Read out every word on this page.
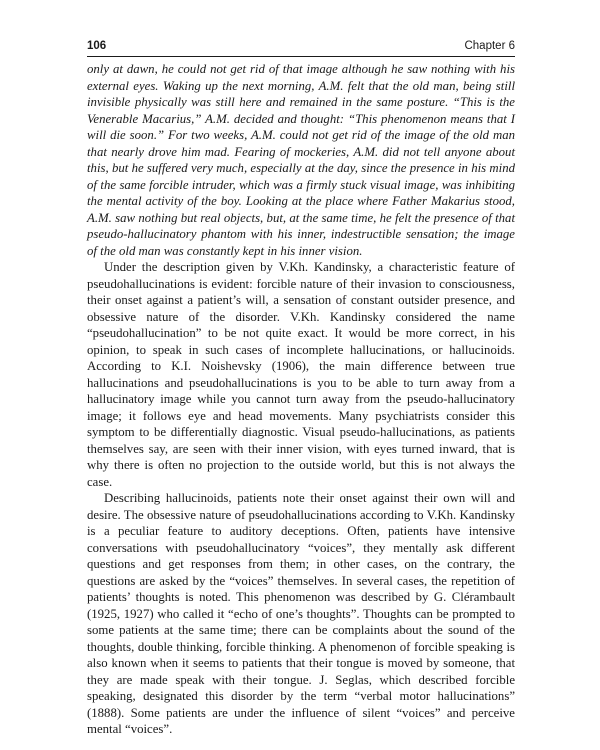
106	Chapter 6

only at dawn, he could not get rid of that image although he saw nothing with his external eyes. Waking up the next morning, A.M. felt that the old man, being still invisible physically was still here and remained in the same posture. “This is the Venerable Macarius,” A.M. decided and thought: “This phenomenon means that I will die soon.” For two weeks, A.M. could not get rid of the image of the old man that nearly drove him mad. Fearing of mockeries, A.M. did not tell anyone about this, but he suffered very much, especially at the day, since the presence in his mind of the same forcible intruder, which was a firmly stuck visual image, was inhibiting the mental activity of the boy. Looking at the place where Father Makarius stood, A.M. saw nothing but real objects, but, at the same time, he felt the presence of that pseudo-hallucinatory phantom with his inner, indestructible sensation; the image of the old man was constantly kept in his inner vision.

Under the description given by V.Kh. Kandinsky, a characteristic feature of pseudohallucinations is evident: forcible nature of their invasion to consciousness, their onset against a patient’s will, a sensation of constant outsider presence, and obsessive nature of the disorder. V.Kh. Kandinsky considered the name “pseudohallucination” to be not quite exact. It would be more correct, in his opinion, to speak in such cases of incomplete hallucinations, or hallucinoids. According to K.I. Noishevsky (1906), the main difference between true hallucinations and pseudohallucinations is you to be able to turn away from a hallucinatory image while you cannot turn away from the pseudo-hallucinatory image; it follows eye and head movements. Many psychiatrists consider this symptom to be differentially diagnostic. Visual pseudo-hallucinations, as patients themselves say, are seen with their inner vision, with eyes turned inward, that is why there is often no projection to the outside world, but this is not always the case.

Describing hallucinoids, patients note their onset against their own will and desire. The obsessive nature of pseudohallucinations according to V.Kh. Kandinsky is a peculiar feature to auditory deceptions. Often, patients have intensive conversations with pseudohallucinatory “voices”, they mentally ask different questions and get responses from them; in other cases, on the contrary, the questions are asked by the “voices” themselves. In several cases, the repetition of patients’ thoughts is noted. This phenomenon was described by G. Clérambault (1925, 1927) who called it “echo of one’s thoughts”. Thoughts can be prompted to some patients at the same time; there can be complaints about the sound of the thoughts, double thinking, forcible thinking. A phenomenon of forcible speaking is also known when it seems to patients that their tongue is moved by someone, that they are made speak with their tongue. J. Seglas, which described forcible speaking, designated this disorder by the term “verbal motor hallucinations” (1888). Some patients are under the influence of silent “voices” and perceive mental “voices”.
